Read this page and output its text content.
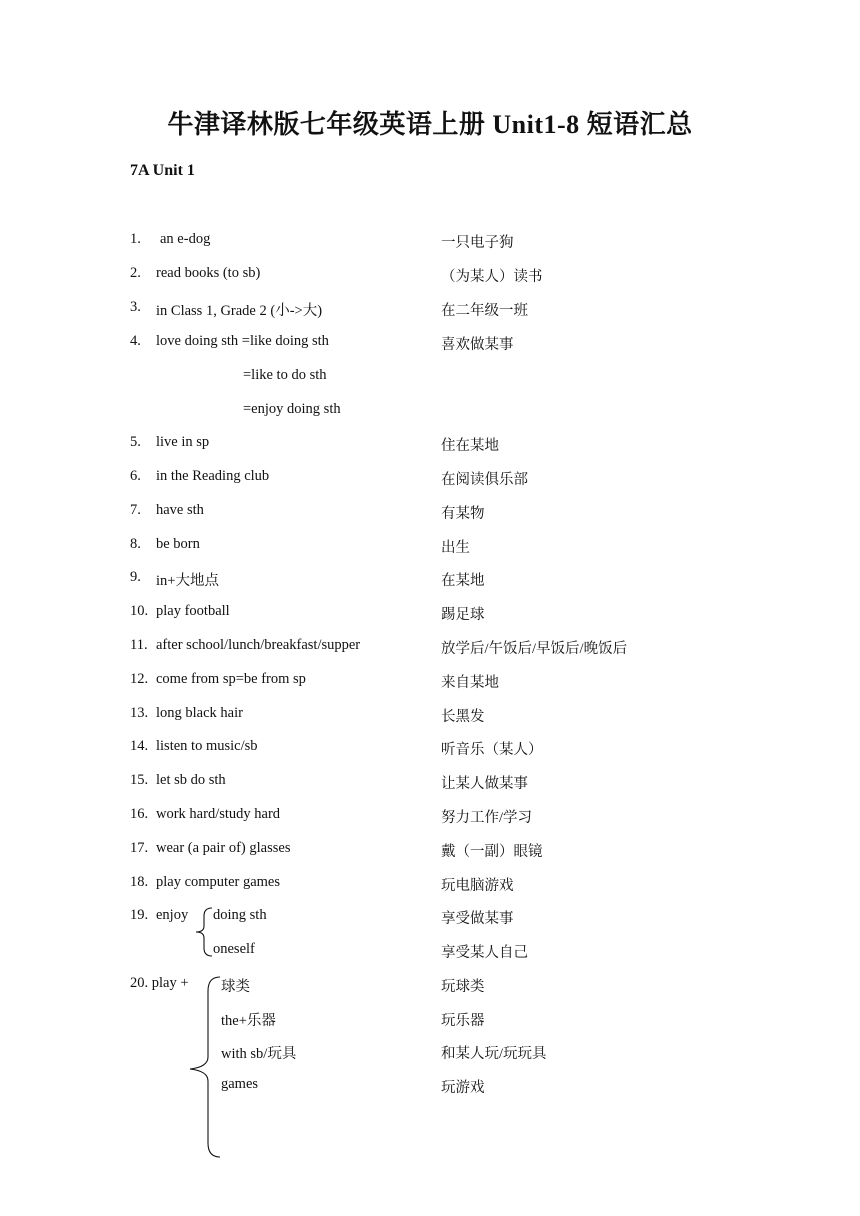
牛津译林版七年级英语上册 Unit1-8 短语汇总
7A Unit 1
1. an e-dog	一只电子狗
2. read books (to sb)	（为某人）读书
3. in Class 1, Grade 2 (小->大)	在二年级一班
4. love doing sth =like doing sth	喜欢做某事
=like to do sth
=enjoy doing sth
5. live in sp	住在某地
6. in the Reading club	在阅读俱乐部
7. have sth	有某物
8. be born	出生
9. in+大地点	在某地
10. play football	踢足球
11. after school/lunch/breakfast/supper	放学后/午饭后/早饭后/晚饭后
12. come from sp=be from sp	来自某地
13. long black hair	长黑发
14. listen to music/sb	听音乐（某人）
15. let sb do sth	让某人做某事
16. work hard/study hard	努力工作/学习
17. wear (a pair of) glasses	戴（一副）眼镜
18. play computer games	玩电脑游戏
19. enjoy doing sth	享受做某事
oneself	享受某人自己
20. play + 球类	玩球类
the+乐器	玩乐器
with sb/玩具	和某人玩/玩玩具
games	玩游戏
